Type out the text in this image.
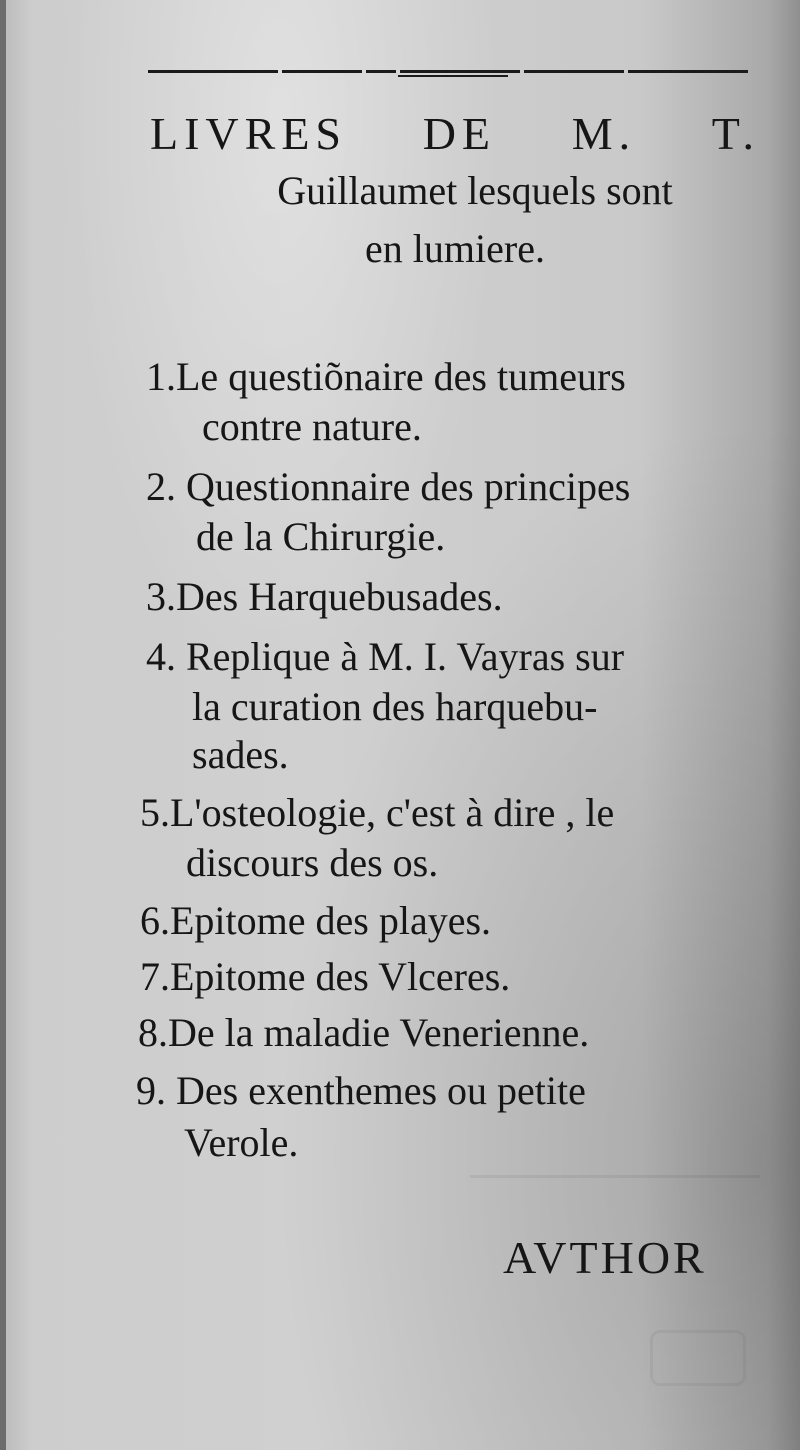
LIVRES DE M. T.
Guillaumet lesquels sont
en lumiere.
1.Le questiõnaire des tumeurs
contre nature.
2. Questionnaire des principes
de la Chirurgie.
3.Des Harquebusades.
4. Replique à M. I. Vayras sur
la curation des harquebu-
sades.
5.L'osteologie, c'est à dire , le
discours des os.
6.Epitome des playes.
7.Epitome des Vlceres.
8.De la maladie Venerienne.
9. Des exenthemes ou petite
Verole.
AVTHOR
